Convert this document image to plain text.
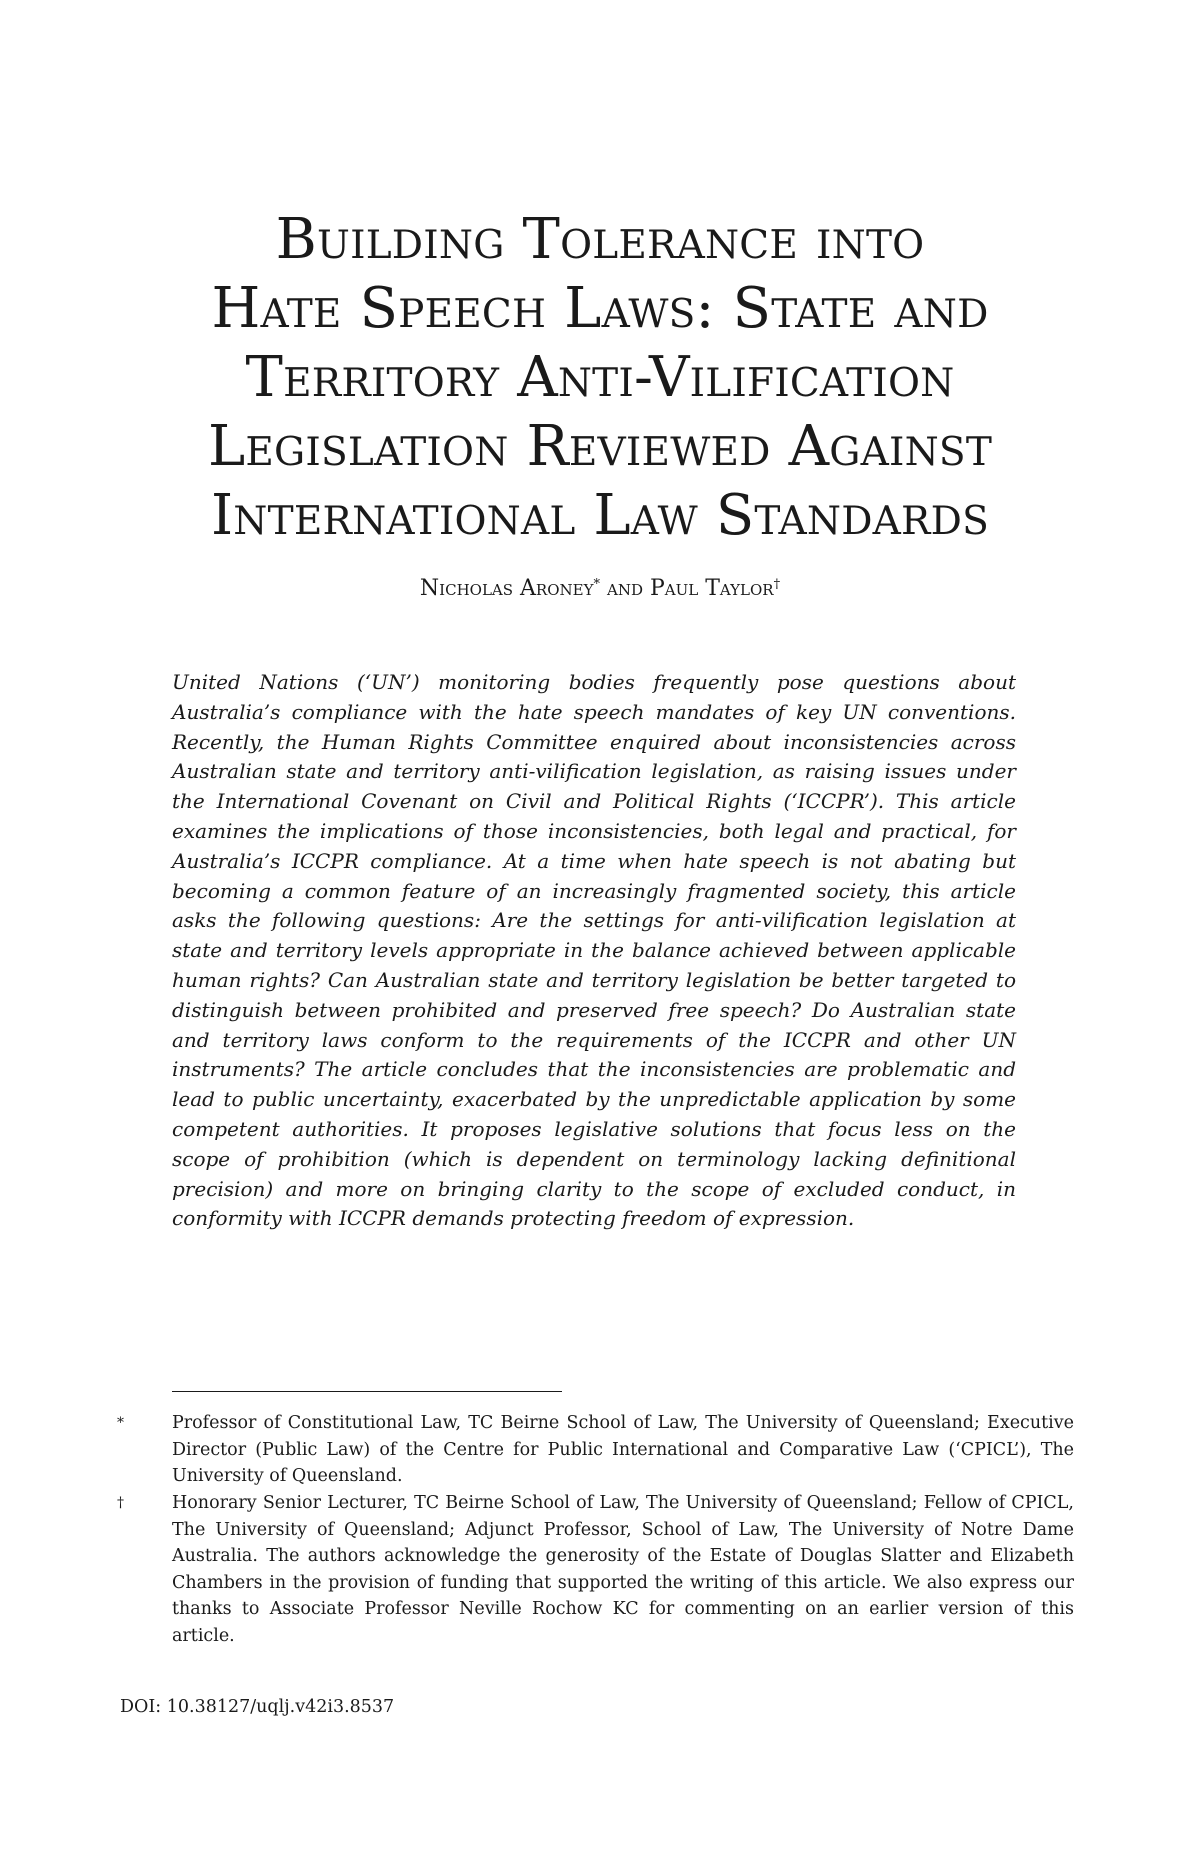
Building Tolerance into
Hate Speech Laws: State and
Territory Anti-Vilification
Legislation Reviewed Against
International Law Standards
Nicholas Aroney* and Paul Taylor†

United Nations (‘UN’) monitoring bodies frequently pose questions about Australia’s compliance with the hate speech mandates of key UN conventions. Recently, the Human Rights Committee enquired about inconsistencies across Australian state and territory anti-vilification legislation, as raising issues under the International Covenant on Civil and Political Rights (‘ICCPR’). This article examines the implications of those inconsistencies, both legal and practical, for Australia’s ICCPR compliance. At a time when hate speech is not abating but becoming a common feature of an increasingly fragmented society, this article asks the following questions: Are the settings for anti-vilification legislation at state and territory levels appropriate in the balance achieved between applicable human rights? Can Australian state and territory legislation be better targeted to distinguish between prohibited and preserved free speech? Do Australian state and territory laws conform to the requirements of the ICCPR and other UN instruments? The article concludes that the inconsistencies are problematic and lead to public uncertainty, exacerbated by the unpredictable application by some competent authorities. It proposes legislative solutions that focus less on the scope of prohibition (which is dependent on terminology lacking definitional precision) and more on bringing clarity to the scope of excluded conduct, in conformity with ICCPR demands protecting freedom of expression.

*	Professor of Constitutional Law, TC Beirne School of Law, The University of Queensland; Executive Director (Public Law) of the Centre for Public International and Comparative Law (‘CPICL’), The University of Queensland.

†	Honorary Senior Lecturer, TC Beirne School of Law, The University of Queensland; Fellow of CPICL, The University of Queensland; Adjunct Professor, School of Law, The University of Notre Dame Australia. The authors acknowledge the generosity of the Estate of Douglas Slatter and Elizabeth Chambers in the provision of funding that supported the writing of this article. We also express our thanks to Associate Professor Neville Rochow KC for commenting on an earlier version of this article.

DOI: 10.38127/uqlj.v42i3.8537
